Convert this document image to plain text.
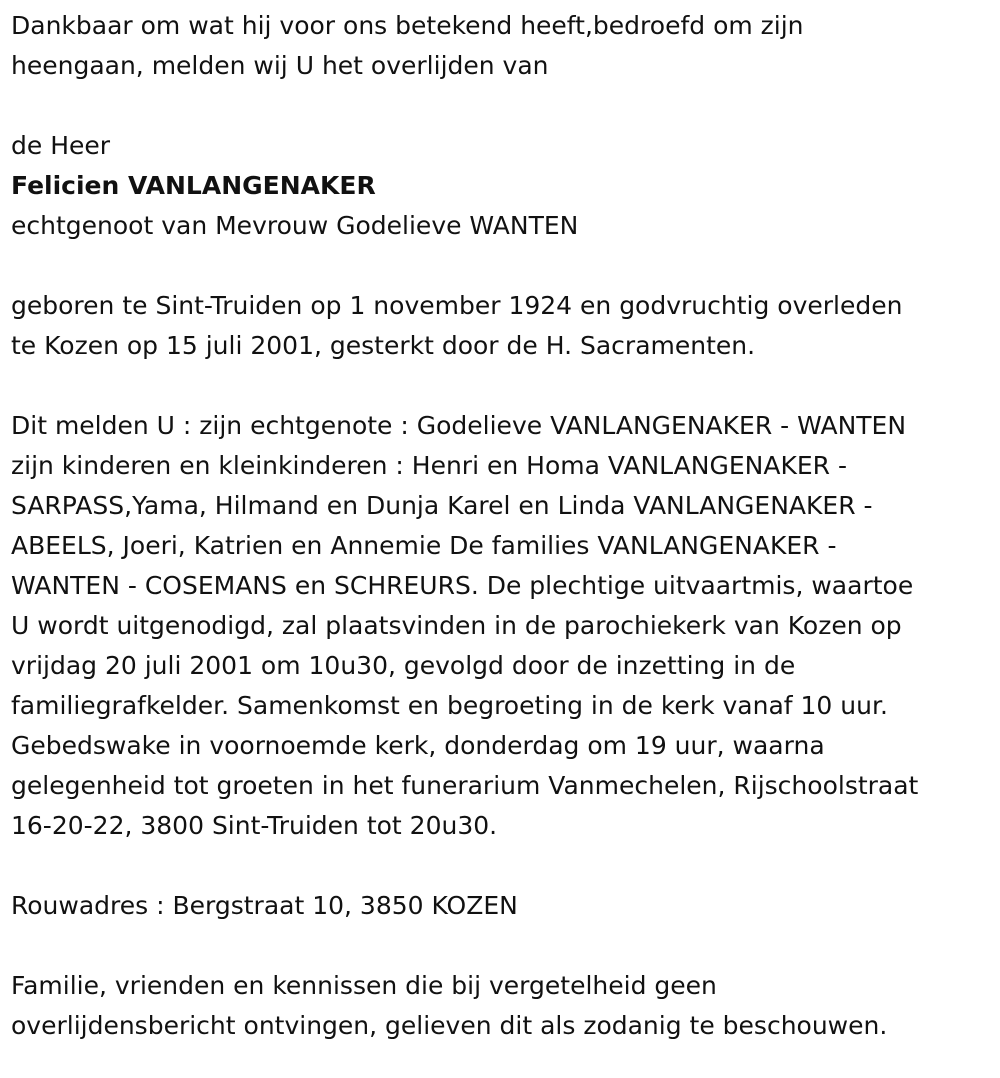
Dankbaar om wat hij voor ons betekend heeft,bedroefd om zijn
heengaan, melden wij U het overlijden van
de Heer
Felicien VANLANGENAKER
echtgenoot van Mevrouw Godelieve WANTEN
geboren te Sint-Truiden op 1 november 1924 en godvruchtig overleden
te Kozen op 15 juli 2001, gesterkt door de H. Sacramenten.
Dit melden U : zijn echtgenote : Godelieve VANLANGENAKER - WANTEN
zijn kinderen en kleinkinderen : Henri en Homa VANLANGENAKER -
SARPASS,Yama, Hilmand en Dunja Karel en Linda VANLANGENAKER -
ABEELS, Joeri, Katrien en Annemie De families VANLANGENAKER -
WANTEN - COSEMANS en SCHREURS. De plechtige uitvaartmis, waartoe
U wordt uitgenodigd, zal plaatsvinden in de parochiekerk van Kozen op
vrijdag 20 juli 2001 om 10u30, gevolgd door de inzetting in de
familiegrafkelder. Samenkomst en begroeting in de kerk vanaf 10 uur.
Gebedswake in voornoemde kerk, donderdag om 19 uur, waarna
gelegenheid tot groeten in het funerarium Vanmechelen, Rijschoolstraat
16-20-22, 3800 Sint-Truiden tot 20u30.
Rouwadres : Bergstraat 10, 3850 KOZEN
Familie, vrienden en kennissen die bij vergetelheid geen
overlijdensbericht ontvingen, gelieven dit als zodanig te beschouwen.
